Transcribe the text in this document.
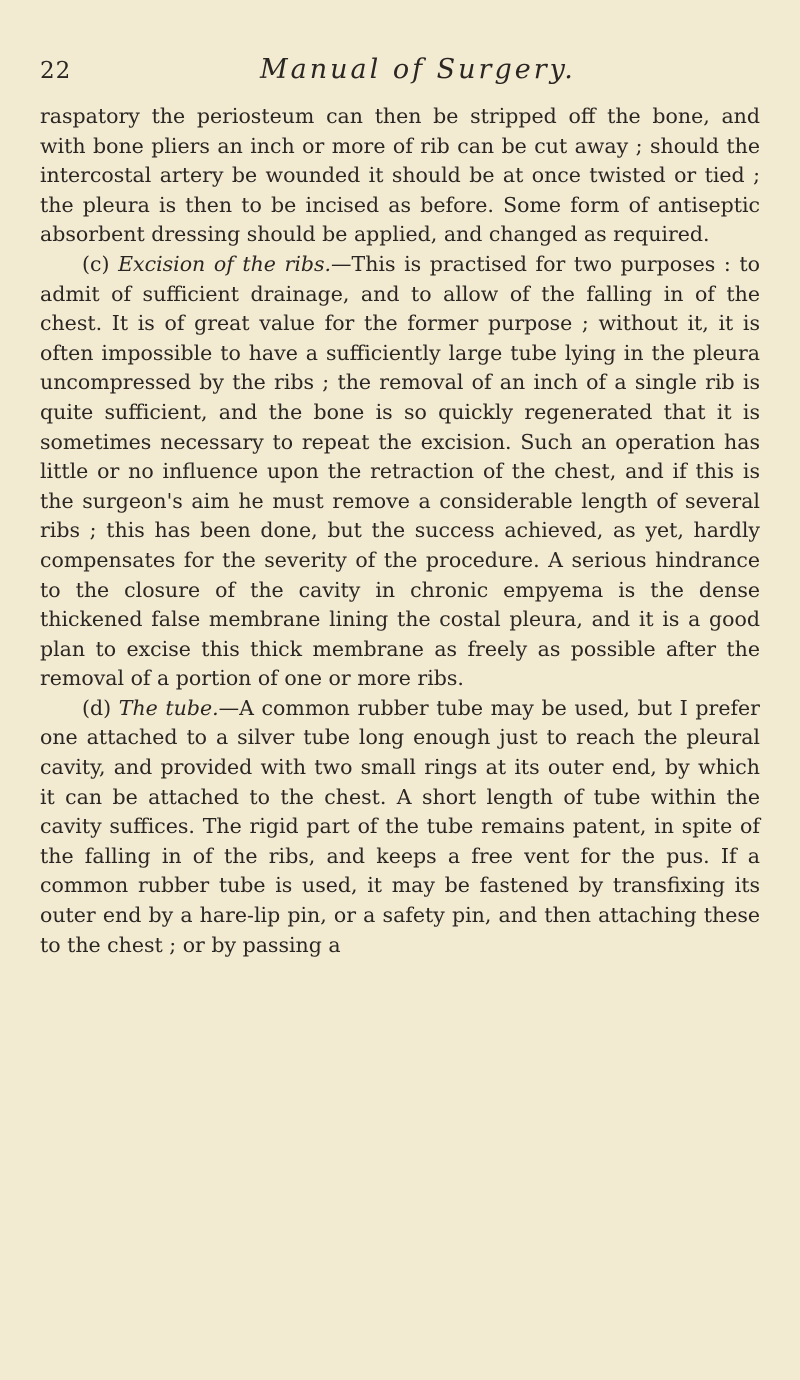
22	Manual of Surgery.

raspatory the periosteum can then be stripped off the bone, and with bone pliers an inch or more of rib can be cut away ; should the intercostal artery be wounded it should be at once twisted or tied ; the pleura is then to be incised as before. Some form of antiseptic absorbent dressing should be applied, and changed as required.

(c) Excision of the ribs.—This is practised for two purposes : to admit of sufficient drainage, and to allow of the falling in of the chest. It is of great value for the former purpose ; without it, it is often impossible to have a sufficiently large tube lying in the pleura uncompressed by the ribs ; the removal of an inch of a single rib is quite sufficient, and the bone is so quickly regenerated that it is sometimes necessary to repeat the excision. Such an operation has little or no influence upon the retraction of the chest, and if this is the surgeon's aim he must remove a considerable length of several ribs ; this has been done, but the success achieved, as yet, hardly compensates for the severity of the procedure. A serious hindrance to the closure of the cavity in chronic empyema is the dense thickened false membrane lining the costal pleura, and it is a good plan to excise this thick membrane as freely as possible after the removal of a portion of one or more ribs.

(d) The tube.—A common rubber tube may be used, but I prefer one attached to a silver tube long enough just to reach the pleural cavity, and provided with two small rings at its outer end, by which it can be attached to the chest. A short length of tube within the cavity suffices. The rigid part of the tube remains patent, in spite of the falling in of the ribs, and keeps a free vent for the pus. If a common rubber tube is used, it may be fastened by transfixing its outer end by a hare-lip pin, or a safety pin, and then attaching these to the chest ; or by passing a
